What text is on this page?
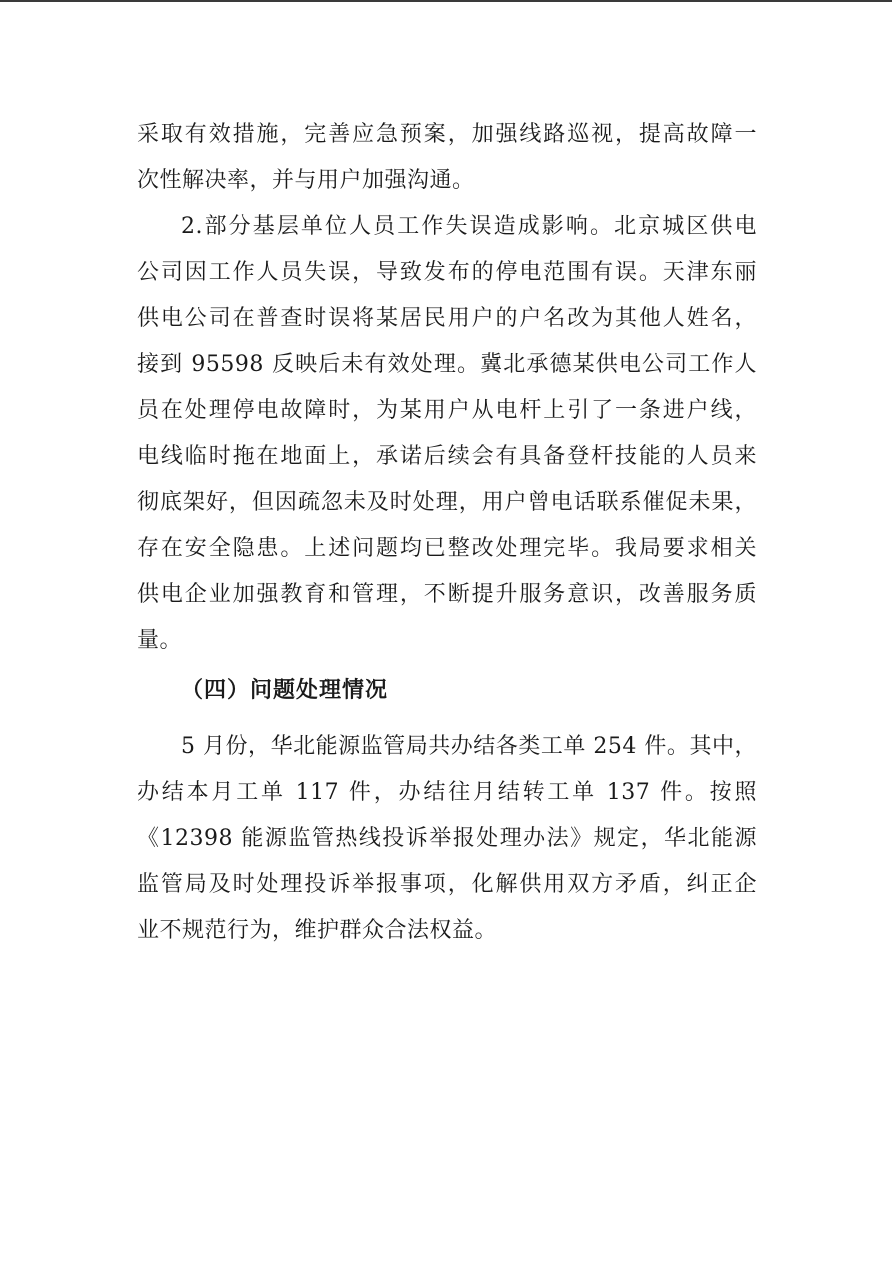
采取有效措施，完善应急预案，加强线路巡视，提高故障一
次性解决率，并与用户加强沟通。
2.部分基层单位人员工作失误造成影响。北京城区供电
公司因工作人员失误，导致发布的停电范围有误。天津东丽
供电公司在普查时误将某居民用户的户名改为其他人姓名，
接到 95598 反映后未有效处理。冀北承德某供电公司工作人
员在处理停电故障时，为某用户从电杆上引了一条进户线，
电线临时拖在地面上，承诺后续会有具备登杆技能的人员来
彻底架好，但因疏忽未及时处理，用户曾电话联系催促未果，
存在安全隐患。上述问题均已整改处理完毕。我局要求相关
供电企业加强教育和管理，不断提升服务意识，改善服务质
量。
（四）问题处理情况
5 月份，华北能源监管局共办结各类工单 254 件。其中，
办结本月工单 117 件，办结往月结转工单 137 件。按照
《12398 能源监管热线投诉举报处理办法》规定，华北能源
监管局及时处理投诉举报事项，化解供用双方矛盾，纠正企
业不规范行为，维护群众合法权益。
